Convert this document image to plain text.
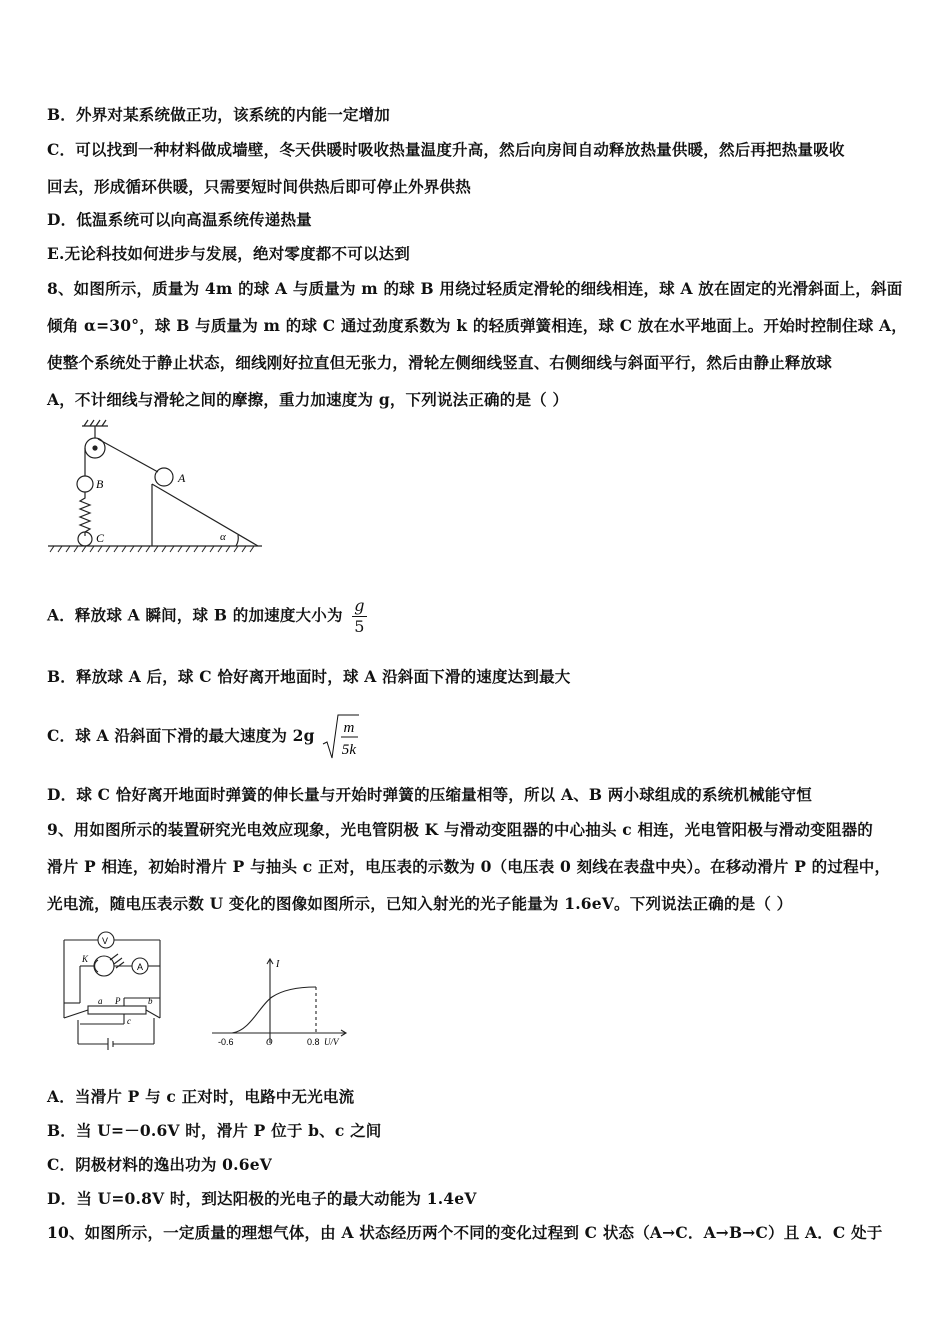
B．外界对某系统做正功，该系统的内能一定增加
C．可以找到一种材料做成墙壁，冬天供暖时吸收热量温度升高，然后向房间自动释放热量供暖，然后再把热量吸收
回去，形成循环供暖，只需要短时间供热后即可停止外界供热
D．低温系统可以向高温系统传递热量
E.无论科技如何进步与发展，绝对零度都不可以达到
8、如图所示，质量为 4m 的球 A 与质量为 m 的球 B 用绕过轻质定滑轮的细线相连，球 A 放在固定的光滑斜面上，斜面
倾角 α=30°，球 B 与质量为 m 的球 C 通过劲度系数为 k 的轻质弹簧相连，球 C 放在水平地面上。开始时控制住球 A，
使整个系统处于静止状态，细线刚好拉直但无张力，滑轮左侧细线竖直、右侧细线与斜面平行，然后由静止释放球
A，不计细线与滑轮之间的摩擦，重力加速度为 g，下列说法正确的是（ ）
A
B
C	α
A．释放球 A 瞬间，球 B 的加速度大小为 $\frac{g}{5}$
B．释放球 A 后，球 C 恰好离开地面时，球 A 沿斜面下滑的速度达到最大
C．球 A 沿斜面下滑的最大速度为 2g m
5k
D．球 C 恰好离开地面时弹簧的伸长量与开始时弹簧的压缩量相等，所以 A、B 两小球组成的系统机械能守恒
9、用如图所示的装置研究光电效应现象，光电管阴极 K 与滑动变阻器的中心抽头 c 相连，光电管阳极与滑动变阻器的
滑片 P 相连，初始时滑片 P 与抽头 c 正对，电压表的示数为 0（电压表 0 刻线在表盘中央）。在移动滑片 P 的过程中，
光电流，随电压表示数 U 变化的图像如图所示，已知入射光的光子能量为 1.6eV。下列说法正确的是（ ）
V
A
K
a P	b
c
I
U/V
-0.6	O	0.8
A．当滑片 P 与 c 正对时，电路中无光电流
B．当 U=－0.6V 时，滑片 P 位于 b、c 之间
C．阴极材料的逸出功为 0.6eV
D．当 U=0.8V 时，到达阳极的光电子的最大动能为 1.4eV
10、如图所示，一定质量的理想气体，由 A 状态经历两个不同的变化过程到 C 状态（A→C．A→B→C）且 A．C 处于
